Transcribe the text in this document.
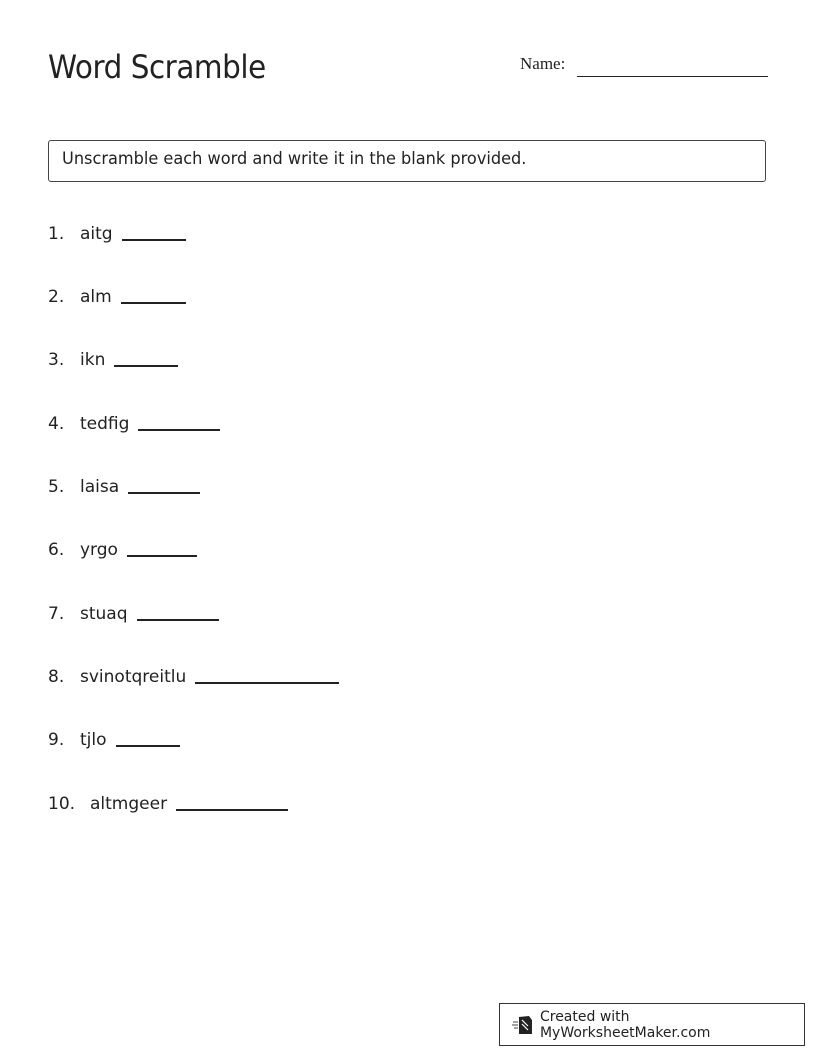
Word Scramble	Name:
Unscramble each word and write it in the blank provided.
1. aitg
2. alm
3. ikn
4. tedfig
5. laisa
6. yrgo
7. stuaq
8. svinotqreitlu
9. tjlo
10. altmgeer
Created with MyWorksheetMaker.com
